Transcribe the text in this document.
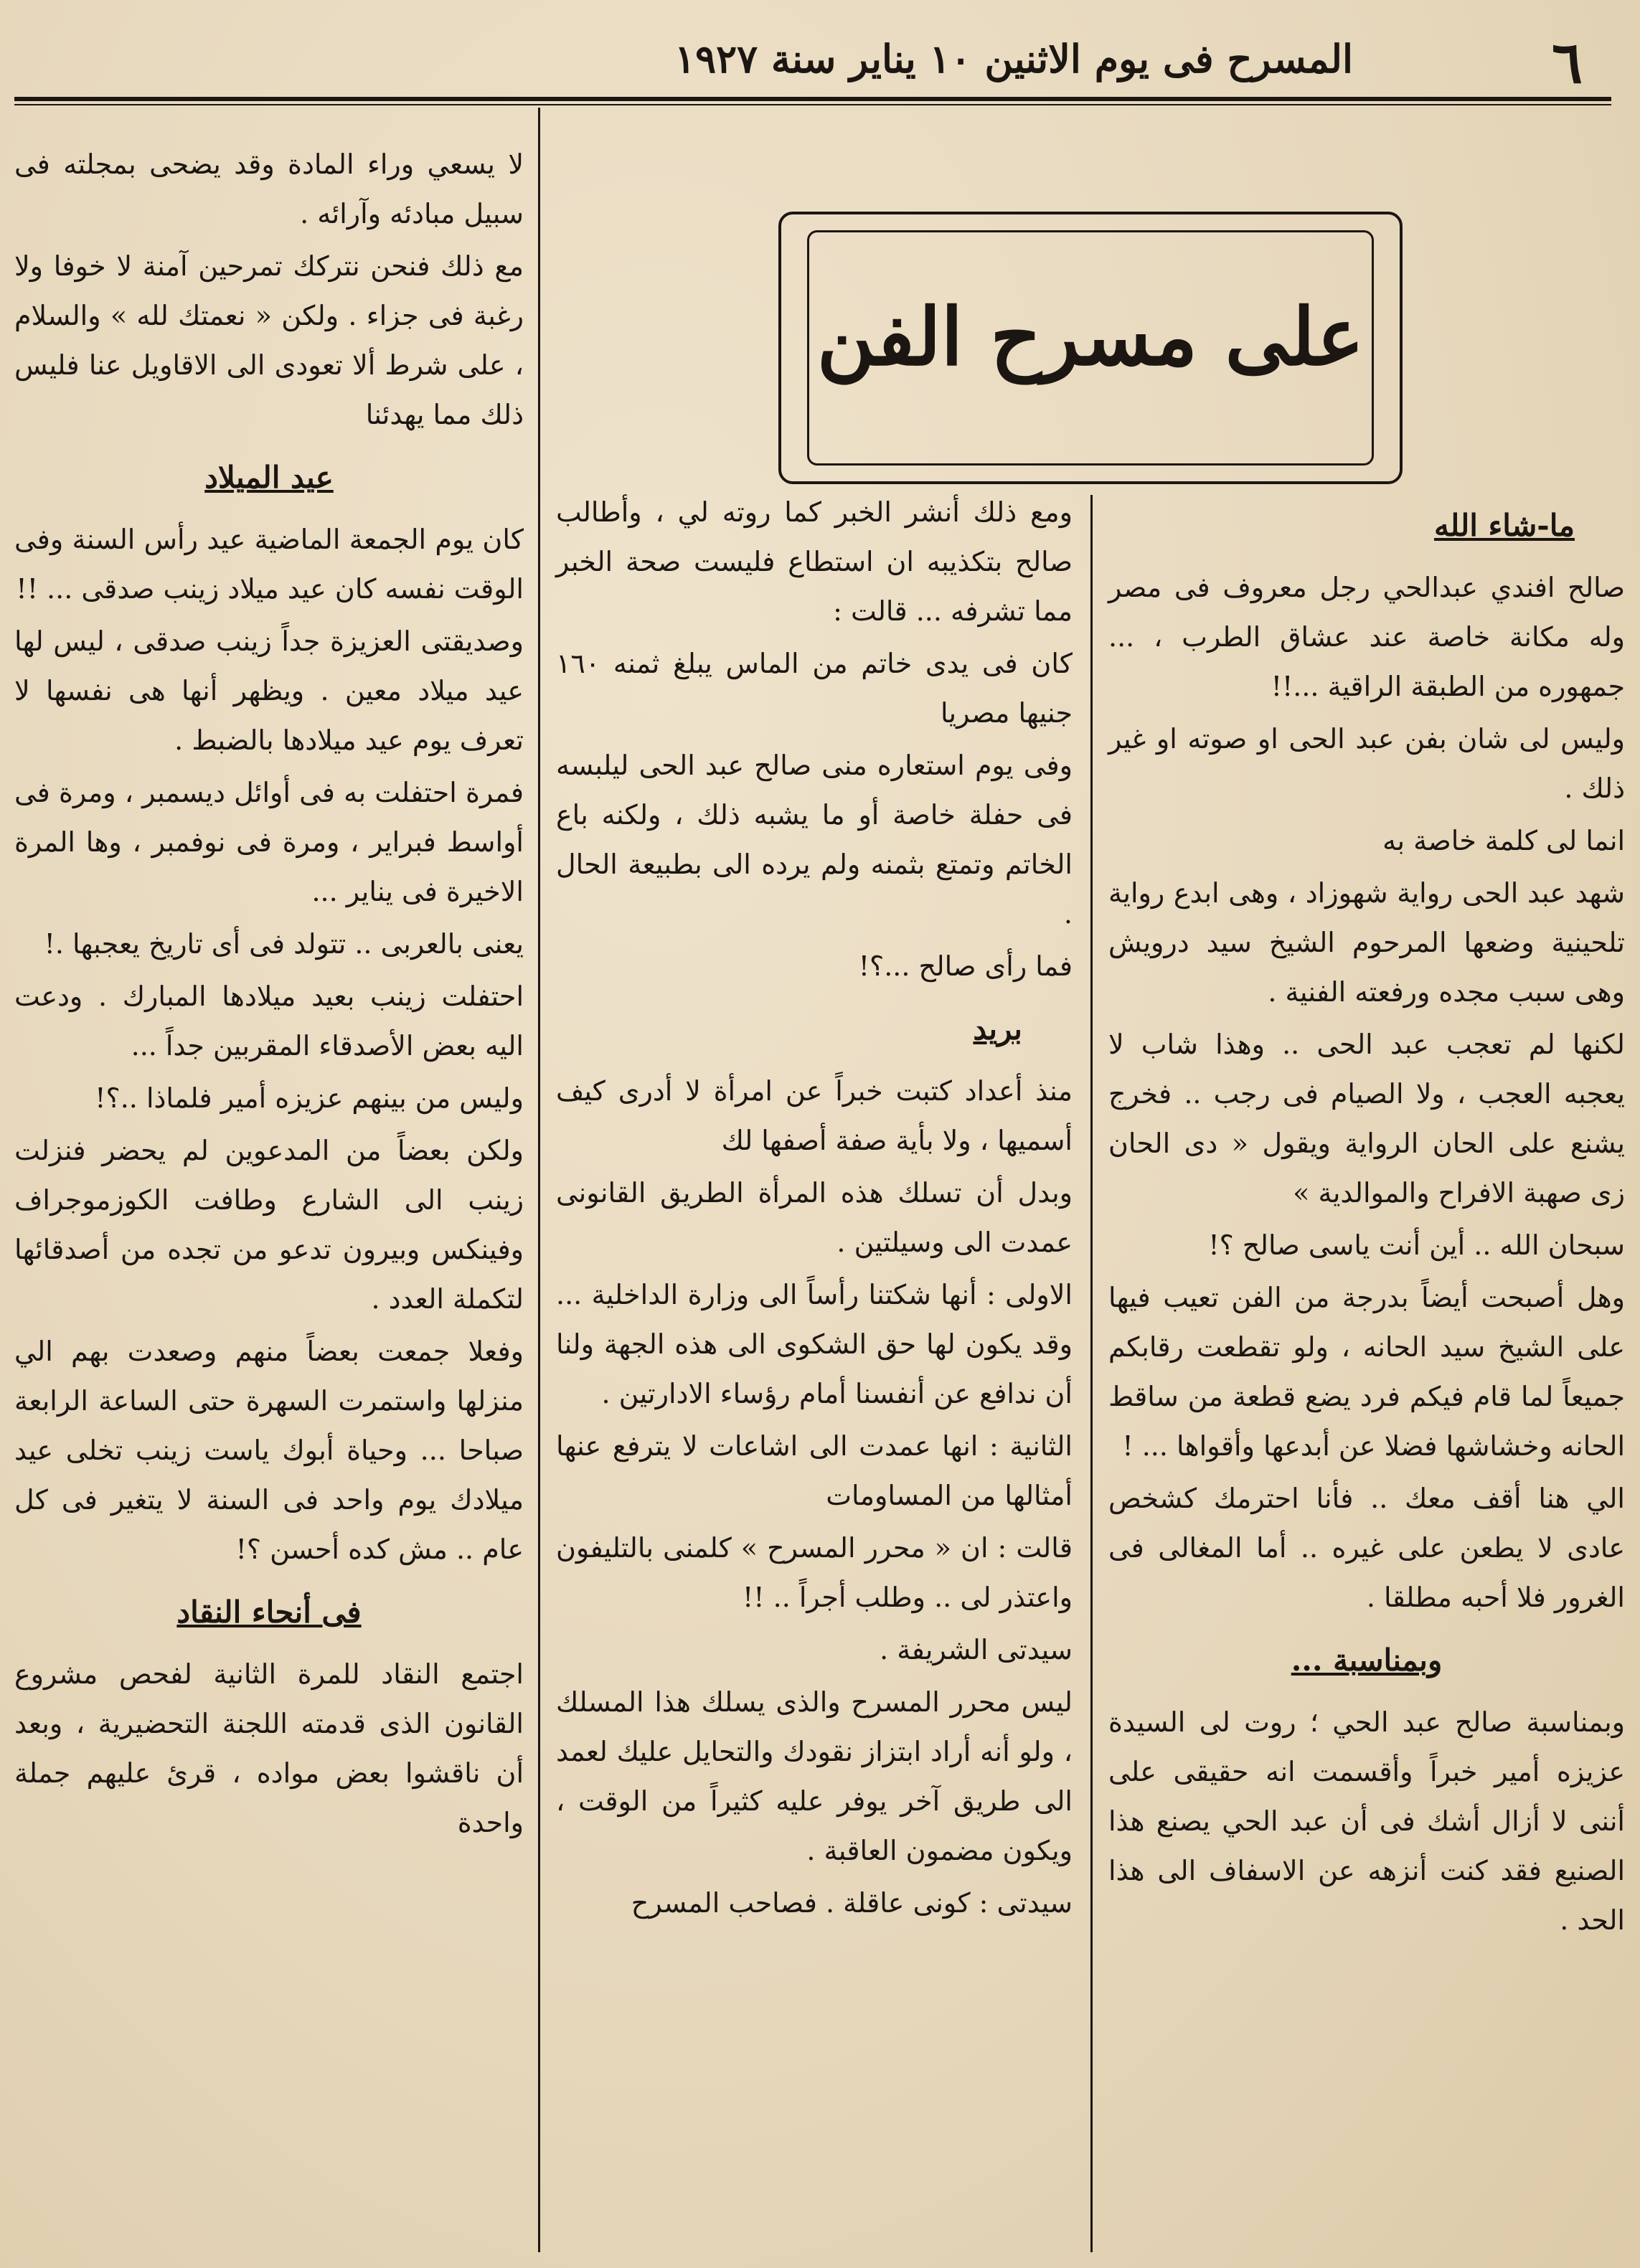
٦
المسرح فى يوم الاثنين ١٠ يناير سنة ١٩٢٧
على مسرح الفن
ما-شاء الله

صالح افندي عبدالحي رجل معروف فى مصر وله مكانة خاصة عند عشاق الطرب ، ... جمهوره من الطبقة الراقية ...!!

وليس لى شان بفن عبد الحى او صوته او غير ذلك .

انما لى كلمة خاصة به

شهد عبد الحى رواية شهوزاد ، وهى ابدع رواية تلحينية وضعها المرحوم الشيخ سيد درويش وهى سبب مجده ورفعته الفنية .

لكنها لم تعجب عبد الحى .. وهذا شاب لا يعجبه العجب ، ولا الصيام فى رجب .. فخرج يشنع على الحان الرواية ويقول « دى الحان زى صهبة الافراح والموالدية »

سبحان الله .. أين أنت ياسى صالح ؟!

وهل أصبحت أيضاً بدرجة من الفن تعيب فيها على الشيخ سيد الحانه ، ولو تقطعت رقابكم جميعاً لما قام فيكم فرد يضع قطعة من ساقط الحانه وخشاشها فضلا عن أبدعها وأقواها ... !

الي هنا أقف معك .. فأنا احترمك كشخص عادى لا يطعن على غيره .. أما المغالى فى الغرور فلا أحبه مطلقا .

وبمناسبة ...

وبمناسبة صالح عبد الحي ؛ روت لى السيدة عزيزه أمير خبراً وأقسمت انه حقيقى على أننى لا أزال أشك فى أن عبد الحي يصنع هذا الصنيع فقد كنت أنزهه عن الاسفاف الى هذا الحد .

ومع ذلك أنشر الخبر كما روته لي ، وأطالب صالح بتكذيبه ان استطاع فليست صحة الخبر مما تشرفه ... قالت :

كان فى يدى خاتم من الماس يبلغ ثمنه ١٦٠ جنيها مصريا

وفى يوم استعاره منى صالح عبد الحى ليلبسه فى حفلة خاصة أو ما يشبه ذلك ، ولكنه باع الخاتم وتمتع بثمنه ولم يرده الى بطبيعة الحال .

فما رأى صالح ...؟!

بريد

منذ أعداد كتبت خبراً عن امرأة لا أدرى كيف أسميها ، ولا بأية صفة أصفها لك

وبدل أن تسلك هذه المرأة الطريق القانونى عمدت الى وسيلتين .

الاولى : أنها شكتنا رأساً الى وزارة الداخلية ... وقد يكون لها حق الشكوى الى هذه الجهة ولنا أن ندافع عن أنفسنا أمام رؤساء الادارتين .

الثانية : انها عمدت الى اشاعات لا يترفع عنها أمثالها من المساومات

قالت : ان « محرر المسرح » كلمنى بالتليفون واعتذر لى .. وطلب أجراً .. !!

سيدتى الشريفة .

ليس محرر المسرح والذى يسلك هذا المسلك ، ولو أنه أراد ابتزاز نقودك والتحايل عليك لعمد الى طريق آخر يوفر عليه كثيراً من الوقت ، ويكون مضمون العاقبة .

سيدتى : كونى عاقلة . فصاحب المسرح

لا يسعي وراء المادة وقد يضحى بمجلته فى سبيل مبادئه وآرائه .

مع ذلك فنحن نتركك تمرحين آمنة لا خوفا ولا رغبة فى جزاء . ولكن « نعمتك لله » والسلام ، على شرط ألا تعودى الى الاقاويل عنا فليس ذلك مما يهدئنا

عيد الميلاد

كان يوم الجمعة الماضية عيد رأس السنة وفى الوقت نفسه كان عيد ميلاد زينب صدقى ... !!

وصديقتى العزيزة جداً زينب صدقى ، ليس لها عيد ميلاد معين . ويظهر أنها هى نفسها لا تعرف يوم عيد ميلادها بالضبط .

فمرة احتفلت به فى أوائل ديسمبر ، ومرة فى أواسط فبراير ، ومرة فى نوفمبر ، وها المرة الاخيرة فى يناير ...

يعنى بالعربى .. تتولد فى أى تاريخ يعجبها .!

احتفلت زينب بعيد ميلادها المبارك . ودعت اليه بعض الأصدقاء المقربين جداً ...

وليس من بينهم عزيزه أمير فلماذا ..؟!

ولكن بعضاً من المدعوين لم يحضر فنزلت زينب الى الشارع وطافت الكوزموجراف وفينكس وبيرون تدعو من تجده من أصدقائها لتكملة العدد .

وفعلا جمعت بعضاً منهم وصعدت بهم الي منزلها واستمرت السهرة حتى الساعة الرابعة صباحا ... وحياة أبوك ياست زينب تخلى عيد ميلادك يوم واحد فى السنة لا يتغير فى كل عام .. مش كده أحسن ؟!

فى أنحاء النقاد

اجتمع النقاد للمرة الثانية لفحص مشروع القانون الذى قدمته اللجنة التحضيرية ، وبعد أن ناقشوا بعض مواده ، قرئ عليهم جملة واحدة
